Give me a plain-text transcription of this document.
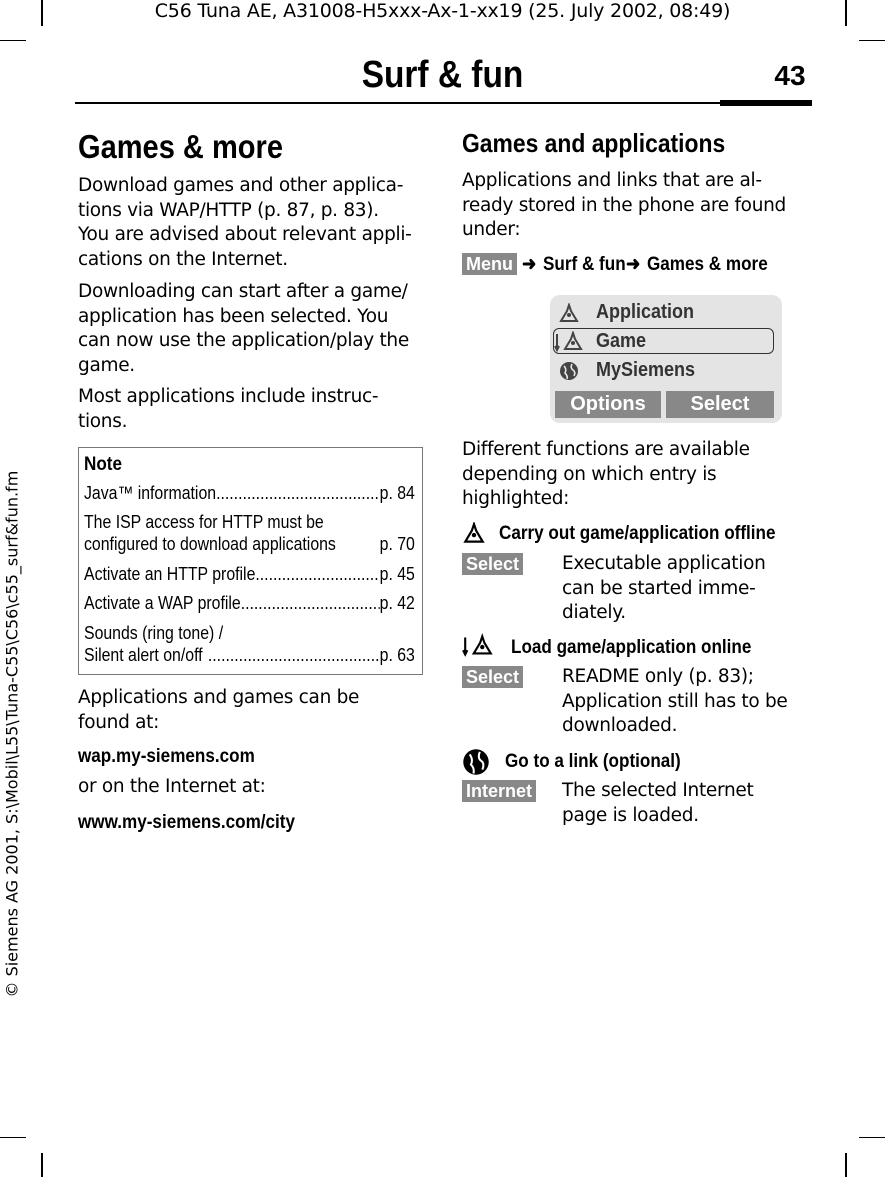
C56 Tuna AE, A31008-H5xxx-Ax-1-xx19 (25. July 2002, 08:49)
© Siemens AG 2001, S:\Mobil\L55\Tuna-C55\C56\c55_surf&fun.fm
Surf & fun	43
Games & more
Download games and other applica-
tions via WAP/HTTP (p. 87, p. 83).
You are advised about relevant appli-
cations on the Internet.
Downloading can start after a game/
application has been selected. You
can now use the application/play the
game.
Most applications include instruc-
tions.
Note
Java™ information .....	p. 84
The ISP access for HTTP must be
configured to download applications p. 70
Activate an HTTP profile .....	p. 45
Activate a WAP profile .....	p. 42
Sounds (ring tone) /
Silent alert on/off .....	p. 63
Applications and games can be
found at:
wap.my-siemens.com
or on the Internet at:
www.my-siemens.com/city
Games and applications
Applications and links that are al-
ready stored in the phone are found
under:
Menu ➜ Surf & fun ➜ Games & more
Application
Game
MySiemens
Options	Select
Different functions are available
depending on which entry is
highlighted:
Carry out game/application offline
Select Executable application
can be started imme-
diately.
Load game/application online
Select README only (p. 83);
Application still has to be
downloaded.
Go to a link (optional)
Internet The selected Internet
page is loaded.
